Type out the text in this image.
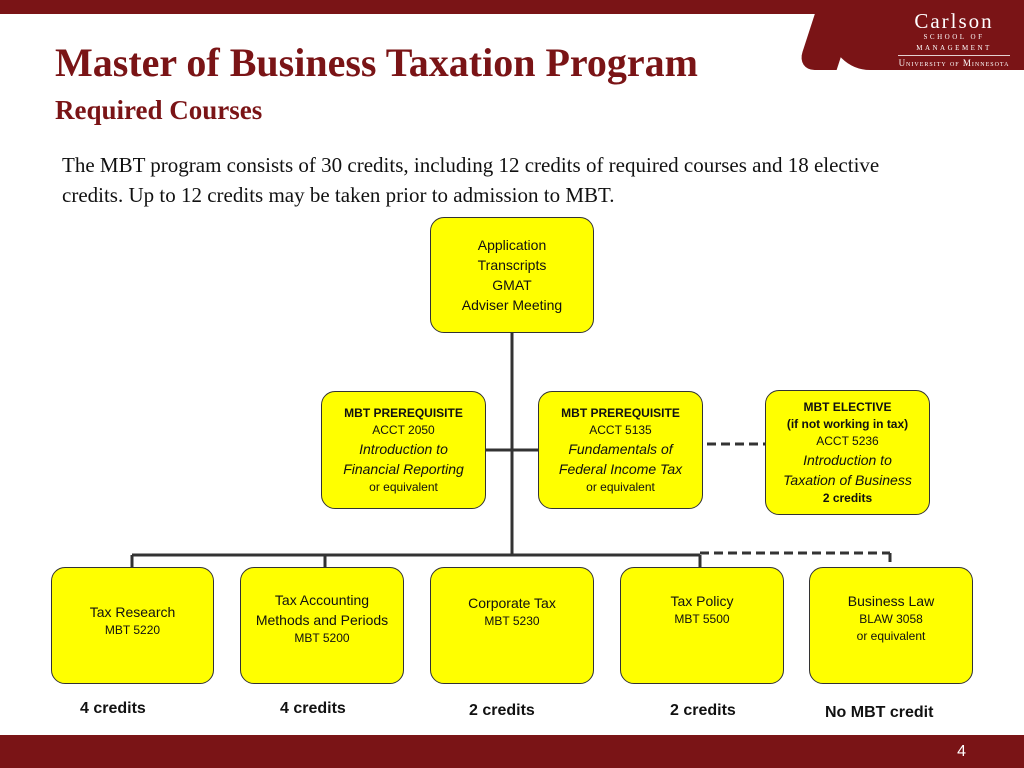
Carlson
SCHOOL OF MANAGEMENT
University of Minnesota
Master of Business Taxation Program
Required Courses
The MBT program consists of 30 credits, including 12 credits of required courses and 18 elective credits. Up to 12 credits may be taken prior to admission to MBT.
Application
Transcripts
GMAT
Adviser Meeting
MBT PREREQUISITE
ACCT 2050
Introduction to
Financial Reporting
or equivalent
MBT PREREQUISITE
ACCT 5135
Fundamentals of
Federal Income Tax
or equivalent
MBT ELECTIVE
(if not working in tax)
ACCT 5236
Introduction to
Taxation of Business
2 credits
Tax Research
MBT 5220
Tax Accounting
Methods and Periods
MBT 5200
Corporate Tax
MBT 5230
Tax Policy
MBT 5500
Business Law
BLAW 3058
or equivalent
4 credits	4 credits	2 credits	2 credits	No MBT credit
4
